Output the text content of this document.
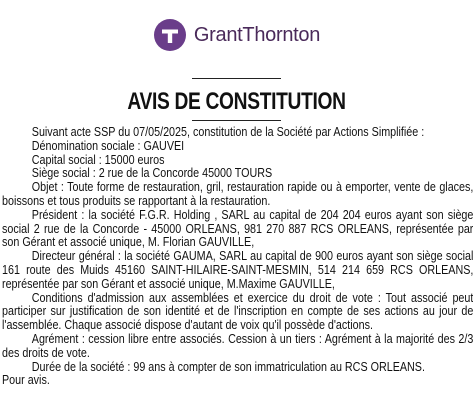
GrantThornton
AVIS DE CONSTITUTION

Suivant acte SSP du 07/05/2025, constitution de la Société par Actions Simplifiée :

Dénomination sociale : GAUVEI

Capital social : 15000 euros

Siège social : 2 rue de la Concorde 45000 TOURS

Objet : Toute forme de restauration, gril, restauration rapide ou à emporter, vente de glaces, boissons et tous produits se rapportant à la restauration.

Président : la société F.G.R. Holding , SARL au capital de 204 204 euros ayant son siège social 2 rue de la Concorde - 45000 ORLEANS, 981 270 887 RCS ORLEANS, représentée par son Gérant et associé unique, M. Florian GAUVILLE,

Directeur général : la société GAUMA, SARL au capital de 900 euros ayant son siège social 161 route des Muids 45160 SAINT-HILAIRE-SAINT-MESMIN, 514 214 659 RCS ORLEANS, représentée par son Gérant et associé unique, M.Maxime GAUVILLE,

Conditions d'admission aux assemblées et exercice du droit de vote : Tout associé peut participer sur justification de son identité et de l'inscription en compte de ses actions au jour de l'assemblée. Chaque associé dispose d'autant de voix qu'il possède d'actions.

Agrément : cession libre entre associés. Cession à un tiers : Agrément à la majorité des 2/3 des droits de vote.

Durée de la société : 99 ans à compter de son immatriculation au RCS ORLEANS.

Pour avis.
